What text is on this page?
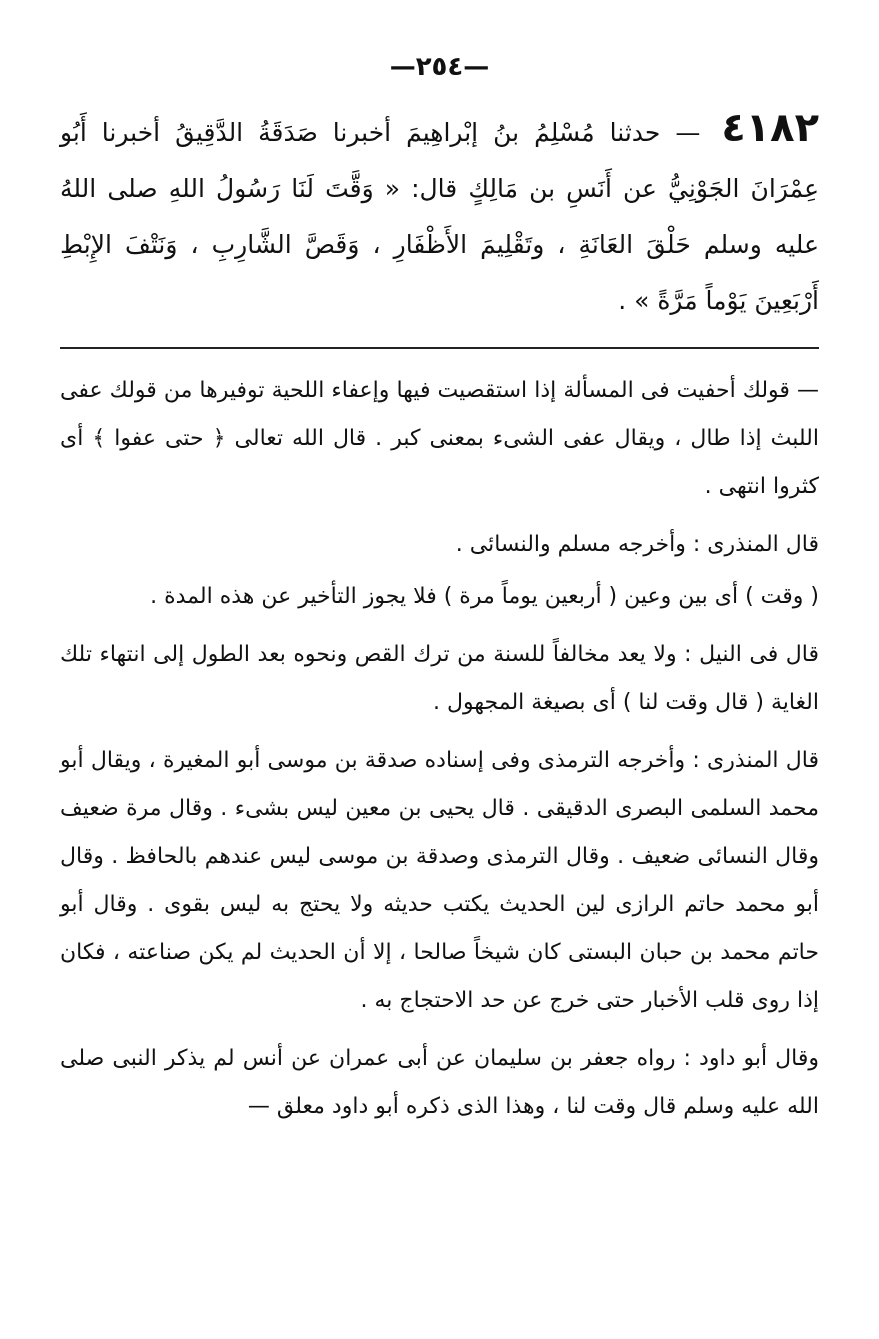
—٢٥٤—
٤١٨٢ — حدثنا مُسْلِمُ بنُ إبْراهِيمَ أخبرنا صَدَقَةُ الدَّقِيقُ أخبرنا أَبُو عِمْرَانَ الجَوْنِيُّ عن أَنَسِ بن مَالِكٍ قال: « وَقَّتَ لَنَا رَسُولُ اللهِ صلى اللهُ عليه وسلم حَلْقَ العَانَةِ ، وتَقْلِيمَ الأَظْفَارِ ، وَقَصَّ الشَّارِبِ ، وَنَتْفَ الإِبْطِ أَرْبَعِينَ يَوْماً مَرَّةً » .

— قولك أحفيت فى المسألة إذا استقصيت فيها وإعفاء اللحية توفيرها من قولك عفى اللبث إذا طال ، ويقال عفى الشىء بمعنى كبر . قال الله تعالى ﴿ حتى عفوا ﴾ أى كثروا انتهى .

قال المنذرى : وأخرجه مسلم والنسائى .

( وقت ) أى بين وعين ( أربعين يوماً مرة ) فلا يجوز التأخير عن هذه المدة .

قال فى النيل : ولا يعد مخالفاً للسنة من ترك القص ونحوه بعد الطول إلى انتهاء تلك الغاية ( قال وقت لنا ) أى بصيغة المجهول .

قال المنذرى : وأخرجه الترمذى وفى إسناده صدقة بن موسى أبو المغيرة ، ويقال أبو محمد السلمى البصرى الدقيقى . قال يحيى بن معين ليس بشىء . وقال مرة ضعيف وقال النسائى ضعيف . وقال الترمذى وصدقة بن موسى ليس عندهم بالحافظ . وقال أبو محمد حاتم الرازى لين الحديث يكتب حديثه ولا يحتج به ليس بقوى . وقال أبو حاتم محمد بن حبان البستى كان شيخاً صالحا ، إلا أن الحديث لم يكن صناعته ، فكان إذا روى قلب الأخبار حتى خرج عن حد الاحتجاج به .

وقال أبو داود : رواه جعفر بن سليمان عن أبى عمران عن أنس لم يذكر النبى صلى الله عليه وسلم قال وقت لنا ، وهذا الذى ذكره أبو داود معلق —
